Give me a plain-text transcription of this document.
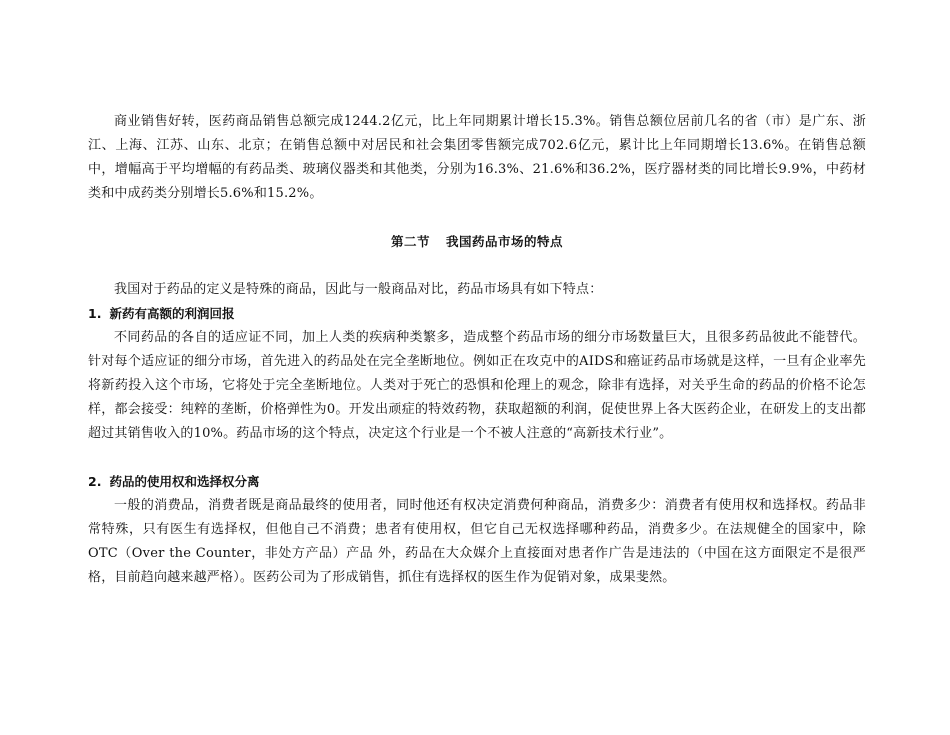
商业销售好转，医药商品销售总额完成1244.2亿元，比上年同期累计增长15.3%。销售总额位居前几名的省（市）是广东、浙江、上海、江苏、山东、北京；在销售总额中对居民和社会集团零售额完成702.6亿元，累计比上年同期增长13.6%。在销售总额中，增幅高于平均增幅的有药品类、玻璃仪器类和其他类，分别为16.3%、21.6%和36.2%，医疗器材类的同比增长9.9%，中药材类和中成药类分别增长5.6%和15.2%。

第二节 我国药品市场的特点

我国对于药品的定义是特殊的商品，因此与一般商品对比，药品市场具有如下特点：

1. 新药有高额的利润回报

不同药品的各自的适应证不同，加上人类的疾病种类繁多，造成整个药品市场的细分市场数量巨大，且很多药品彼此不能替代。针对每个适应证的细分市场，首先进入的药品处在完全垄断地位。例如正在攻克中的AIDS和癌证药品市场就是这样，一旦有企业率先将新药投入这个市场，它将处于完全垄断地位。人类对于死亡的恐惧和伦理上的观念，除非有选择，对关乎生命的药品的价格不论怎样，都会接受：纯粹的垄断，价格弹性为0。开发出顽症的特效药物，获取超额的利润，促使世界上各大医药企业，在研发上的支出都超过其销售收入的10%。药品市场的这个特点，决定这个行业是一个不被人注意的“高新技术行业”。

2. 药品的使用权和选择权分离

一般的消费品，消费者既是商品最终的使用者，同时他还有权决定消费何种商品，消费多少：消费者有使用权和选择权。药品非常特殊，只有医生有选择权，但他自己不消费；患者有使用权，但它自己无权选择哪种药品，消费多少。在法规健全的国家中，除OTC（Over the Counter，非处方产品）产品 外，药品在大众媒介上直接面对患者作广告是违法的（中国在这方面限定不是很严格，目前趋向越来越严格）。医药公司为了形成销售，抓住有选择权的医生作为促销对象，成果斐然。
